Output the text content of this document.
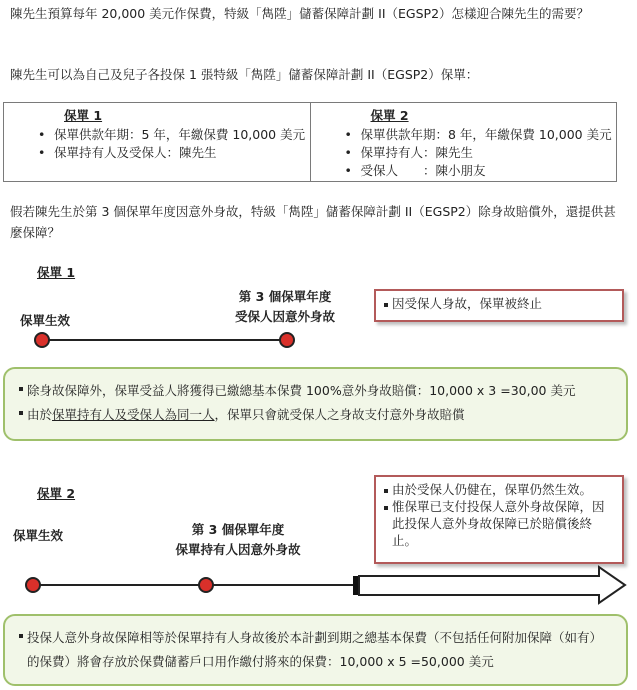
陳先生預算每年 20,000 美元作保費，特級「雋陞」儲蓄保障計劃 II（EGSP2）怎樣迎合陳先生的需要？
陳先生可以為自己及兒子各投保 1 張特級「雋陞」儲蓄保障計劃 II（EGSP2）保單：
保單 1
• 保單供款年期：5 年，年繳保費 10,000 美元
• 保單持有人及受保人：陳先生

保單 2
• 保單供款年期：8 年，年繳保費 10,000 美元
• 保單持有人：陳先生
• 受保人　　：陳小朋友
假若陳先生於第 3 個保單年度因意外身故，特級「雋陞」儲蓄保障計劃 II（EGSP2）除身故賠償外，還提供甚麼保障？
保單 1
保單生效
第 3 個保單年度
受保人因意外身故
因受保人身故，保單被終止
除身故保障外，保單受益人將獲得已繳總基本保費 100%意外身故賠償：10,000 x 3 =30,00 美元
由於保單持有人及受保人為同一人，保單只會就受保人之身故支付意外身故賠償
保單 2
保單生效	第 3 個保單年度
保單持有人因意外身故
由於受保人仍健在，保單仍然生效。
惟保單已支付投保人意外身故保障，因此投保人意外身故保障已於賠償後終止。
投保人意外身故保障相等於保單持有人身故後於本計劃到期之總基本保費（不包括任何附加保障（如有）的保費）將會存放於保費儲蓄戶口用作繳付將來的保費：10,000 x 5 =50,000 美元
